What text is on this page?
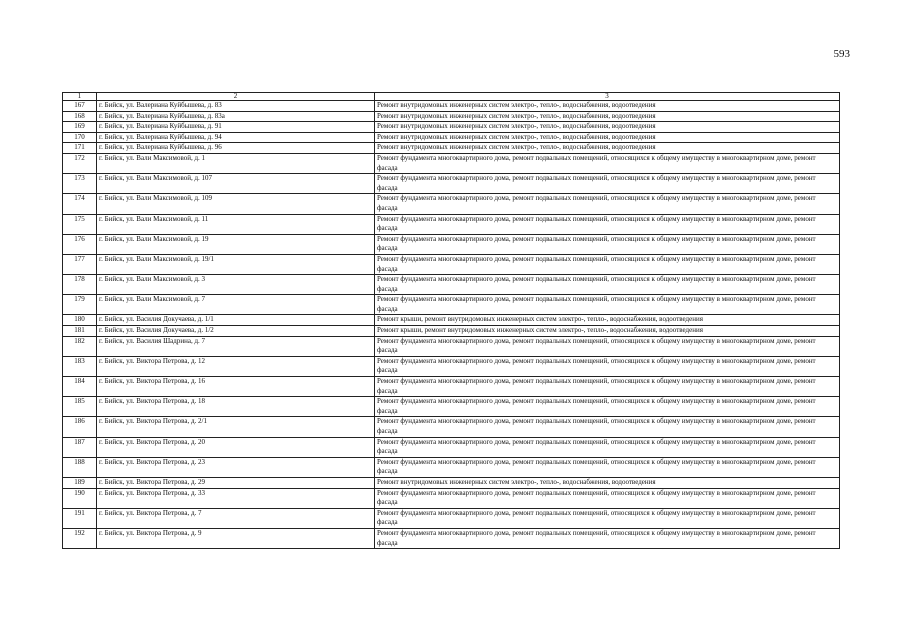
593
1	2	3
167	г. Бийск, ул. Валериана Куйбышева, д. 83	Ремонт внутридомовых инженерных систем электро-, тепло-, водоснабжения, водоотведения
168	г. Бийск, ул. Валериана Куйбышева, д. 83а	Ремонт внутридомовых инженерных систем электро-, тепло-, водоснабжения, водоотведения
169	г. Бийск, ул. Валериана Куйбышева, д. 91	Ремонт внутридомовых инженерных систем электро-, тепло-, водоснабжения, водоотведения
170	г. Бийск, ул. Валериана Куйбышева, д. 94	Ремонт внутридомовых инженерных систем электро-, тепло-, водоснабжения, водоотведения
171	г. Бийск, ул. Валериана Куйбышева, д. 96	Ремонт внутридомовых инженерных систем электро-, тепло-, водоснабжения, водоотведения
172	г. Бийск, ул. Вали Максимовой, д. 1	Ремонт фундамента многоквартирного дома, ремонт подвальных помещений, относящихся к общему имуществу в многоквартирном доме, ремонт фасада
173	г. Бийск, ул. Вали Максимовой, д. 107	Ремонт фундамента многоквартирного дома, ремонт подвальных помещений, относящихся к общему имуществу в многоквартирном доме, ремонт фасада
174	г. Бийск, ул. Вали Максимовой, д. 109	Ремонт фундамента многоквартирного дома, ремонт подвальных помещений, относящихся к общему имуществу в многоквартирном доме, ремонт фасада
175	г. Бийск, ул. Вали Максимовой, д. 11	Ремонт фундамента многоквартирного дома, ремонт подвальных помещений, относящихся к общему имуществу в многоквартирном доме, ремонт фасада
176	г. Бийск, ул. Вали Максимовой, д. 19	Ремонт фундамента многоквартирного дома, ремонт подвальных помещений, относящихся к общему имуществу в многоквартирном доме, ремонт фасада
177	г. Бийск, ул. Вали Максимовой, д. 19/1	Ремонт фундамента многоквартирного дома, ремонт подвальных помещений, относящихся к общему имуществу в многоквартирном доме, ремонт фасада
178	г. Бийск, ул. Вали Максимовой, д. 3	Ремонт фундамента многоквартирного дома, ремонт подвальных помещений, относящихся к общему имуществу в многоквартирном доме, ремонт фасада
179	г. Бийск, ул. Вали Максимовой, д. 7	Ремонт фундамента многоквартирного дома, ремонт подвальных помещений, относящихся к общему имуществу в многоквартирном доме, ремонт фасада
180	г. Бийск, ул. Василия Докучаева, д. 1/1	Ремонт крыши, ремонт внутридомовых инженерных систем электро-, тепло-, водоснабжения, водоотведения
181	г. Бийск, ул. Василия Докучаева, д. 1/2	Ремонт крыши, ремонт внутридомовых инженерных систем электро-, тепло-, водоснабжения, водоотведения
182	г. Бийск, ул. Василия Шадрина, д. 7	Ремонт фундамента многоквартирного дома, ремонт подвальных помещений, относящихся к общему имуществу в многоквартирном доме, ремонт фасада
183	г. Бийск, ул. Виктора Петрова, д. 12	Ремонт фундамента многоквартирного дома, ремонт подвальных помещений, относящихся к общему имуществу в многоквартирном доме, ремонт фасада
184	г. Бийск, ул. Виктора Петрова, д. 16	Ремонт фундамента многоквартирного дома, ремонт подвальных помещений, относящихся к общему имуществу в многоквартирном доме, ремонт фасада
185	г. Бийск, ул. Виктора Петрова, д. 18	Ремонт фундамента многоквартирного дома, ремонт подвальных помещений, относящихся к общему имуществу в многоквартирном доме, ремонт фасада
186	г. Бийск, ул. Виктора Петрова, д. 2/1	Ремонт фундамента многоквартирного дома, ремонт подвальных помещений, относящихся к общему имуществу в многоквартирном доме, ремонт фасада
187	г. Бийск, ул. Виктора Петрова, д. 20	Ремонт фундамента многоквартирного дома, ремонт подвальных помещений, относящихся к общему имуществу в многоквартирном доме, ремонт фасада
188	г. Бийск, ул. Виктора Петрова, д. 23	Ремонт фундамента многоквартирного дома, ремонт подвальных помещений, относящихся к общему имуществу в многоквартирном доме, ремонт фасада
189	г. Бийск, ул. Виктора Петрова, д. 29	Ремонт внутридомовых инженерных систем электро-, тепло-, водоснабжения, водоотведения
190	г. Бийск, ул. Виктора Петрова, д. 33	Ремонт фундамента многоквартирного дома, ремонт подвальных помещений, относящихся к общему имуществу в многоквартирном доме, ремонт фасада
191	г. Бийск, ул. Виктора Петрова, д. 7	Ремонт фундамента многоквартирного дома, ремонт подвальных помещений, относящихся к общему имуществу в многоквартирном доме, ремонт фасада
192	г. Бийск, ул. Виктора Петрова, д. 9	Ремонт фундамента многоквартирного дома, ремонт подвальных помещений, относящихся к общему имуществу в многоквартирном доме, ремонт фасада
